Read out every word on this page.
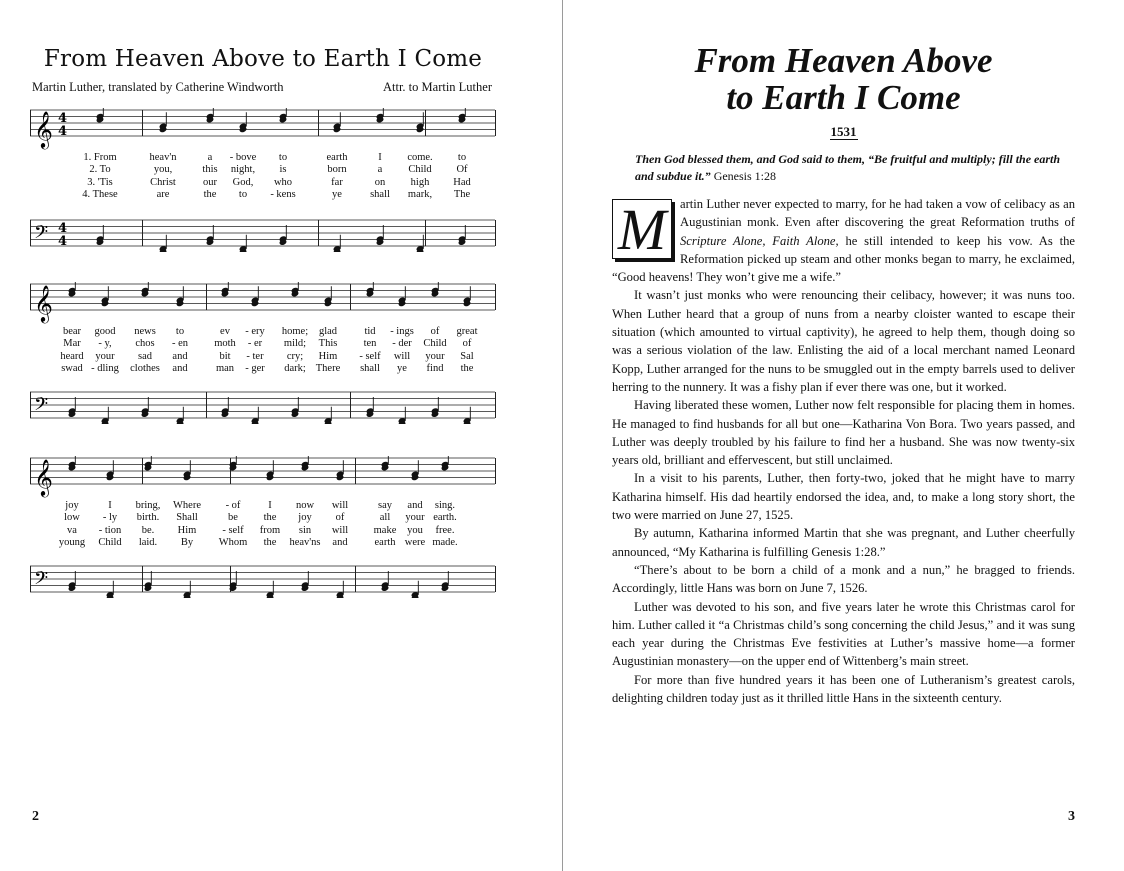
From Heaven Above to Earth I Come
Martin Luther, translated by Catherine Windworth	Attr. to Martin Luther
𝄞 4
4
𝄢 4
4
1. From	heav'n	a - bove to	earth	I come. to
2. To	you,	this night, is	born	a Child Of
3. 'Tis	Christ	our God, who	far	on high Had
4. These	are	the to - kens	ye	shall mark, The
𝄞
𝄢
bear good news to	ev - ery home; glad	tid - ings of great
Mar - y, chos - en moth - er mild; This	ten - der Child of
heard your sad and	bit - ter cry; Him - self will your Sal
swad - dling clothes and	man - ger dark; There shall ye find the
𝄞
𝄢
joy	I bring, Where - of	I now will	say and sing.
low - ly birth. Shall	be the joy of	all your earth.
va - tion be. Him - self from sin will make you free.
young Child laid. By Whom the heav'ns and	earth were made.
2
From Heaven Above
to Earth I Come
1531
Then God blessed them, and God said to them, “Be fruitful and multiply; fill the earth and subdue it.” Genesis 1:28

M	artin Luther never expected to marry, for he had taken a vow of celibacy as an Augustinian monk. Even after discovering the great Reformation truths of Scripture Alone, Faith Alone, he still intended to keep his vow. As the Reformation picked up steam and other monks began to marry, he exclaimed, “Good heavens! They won’t give me a wife.”

It wasn’t just monks who were renouncing their celibacy, however; it was nuns too. When Luther heard that a group of nuns from a nearby cloister wanted to escape their situation (which amounted to virtual captivity), he agreed to help them, though doing so was a serious violation of the law. Enlisting the aid of a local merchant named Leonard Kopp, Luther arranged for the nuns to be smuggled out in the empty barrels used to deliver herring to the nunnery. It was a fishy plan if ever there was one, but it worked.

Having liberated these women, Luther now felt responsible for placing them in homes. He managed to find husbands for all but one—Katharina Von Bora. Two years passed, and Luther was deeply troubled by his failure to find her a husband. She was now twenty-six years old, brilliant and effervescent, but still unclaimed.

In a visit to his parents, Luther, then forty-two, joked that he might have to marry Katharina himself. His dad heartily endorsed the idea, and, to make a long story short, the two were married on June 27, 1525.

By autumn, Katharina informed Martin that she was pregnant, and Luther cheerfully announced, “My Katharina is fulfilling Genesis 1:28.”

“There’s about to be born a child of a monk and a nun,” he bragged to friends. Accordingly, little Hans was born on June 7, 1526.

Luther was devoted to his son, and five years later he wrote this Christmas carol for him. Luther called it “a Christmas child’s song concerning the child Jesus,” and it was sung each year during the Christmas Eve festivities at Luther’s massive home—a former Augustinian monastery—on the upper end of Wittenberg’s main street.

For more than five hundred years it has been one of Lutheranism’s greatest carols, delighting children today just as it thrilled little Hans in the sixteenth century.

3
